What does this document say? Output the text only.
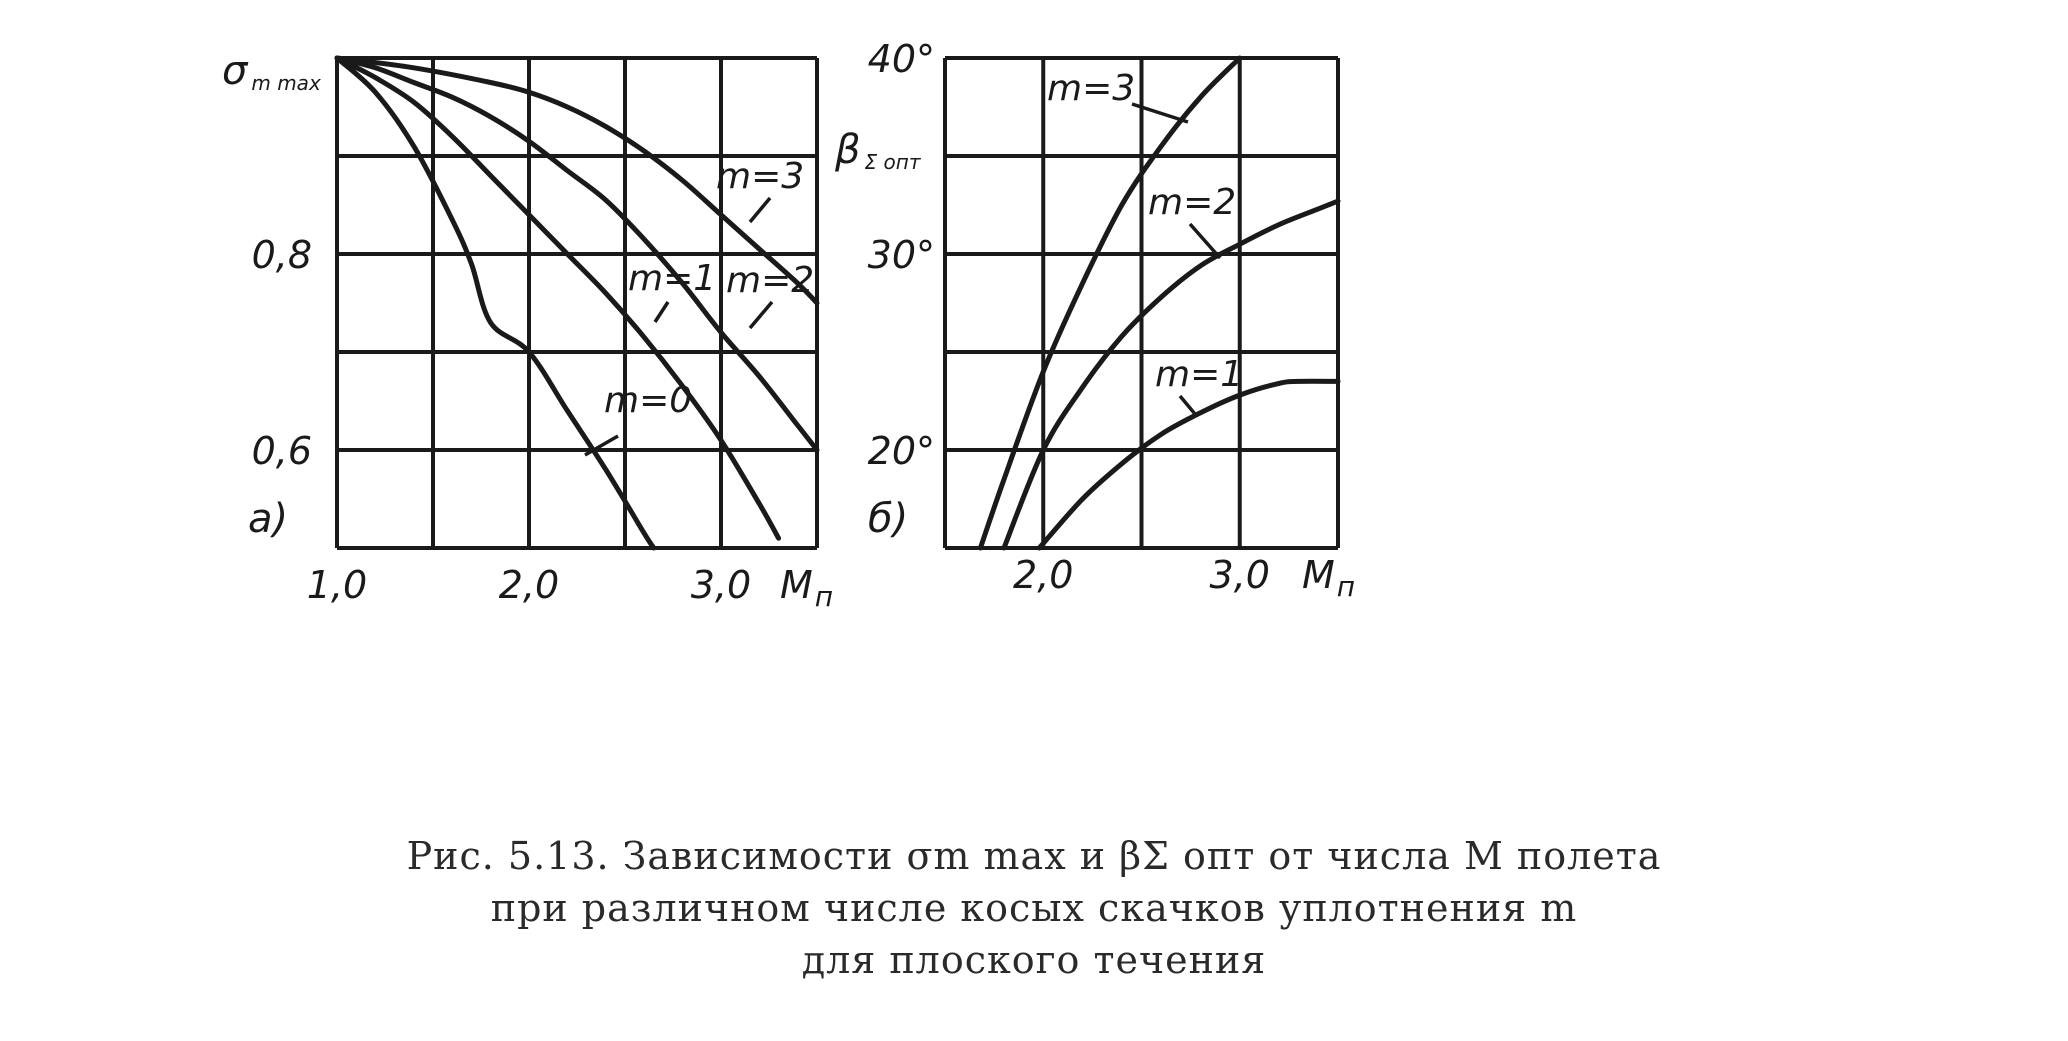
m=0
m=1 m=2
m=3
1,0	2,0	3,0
0,8
0,6
σm max
$M_п$
а)
m=3
m=2
m=1
2,0	3,0
40°
30°
20°
β Σ опт
$M_п$
б)
Рис. 5.13. Зависимости σm max и βΣ опт от числа М полета
при различном числе косых скачков уплотнения m
для плоского течения
